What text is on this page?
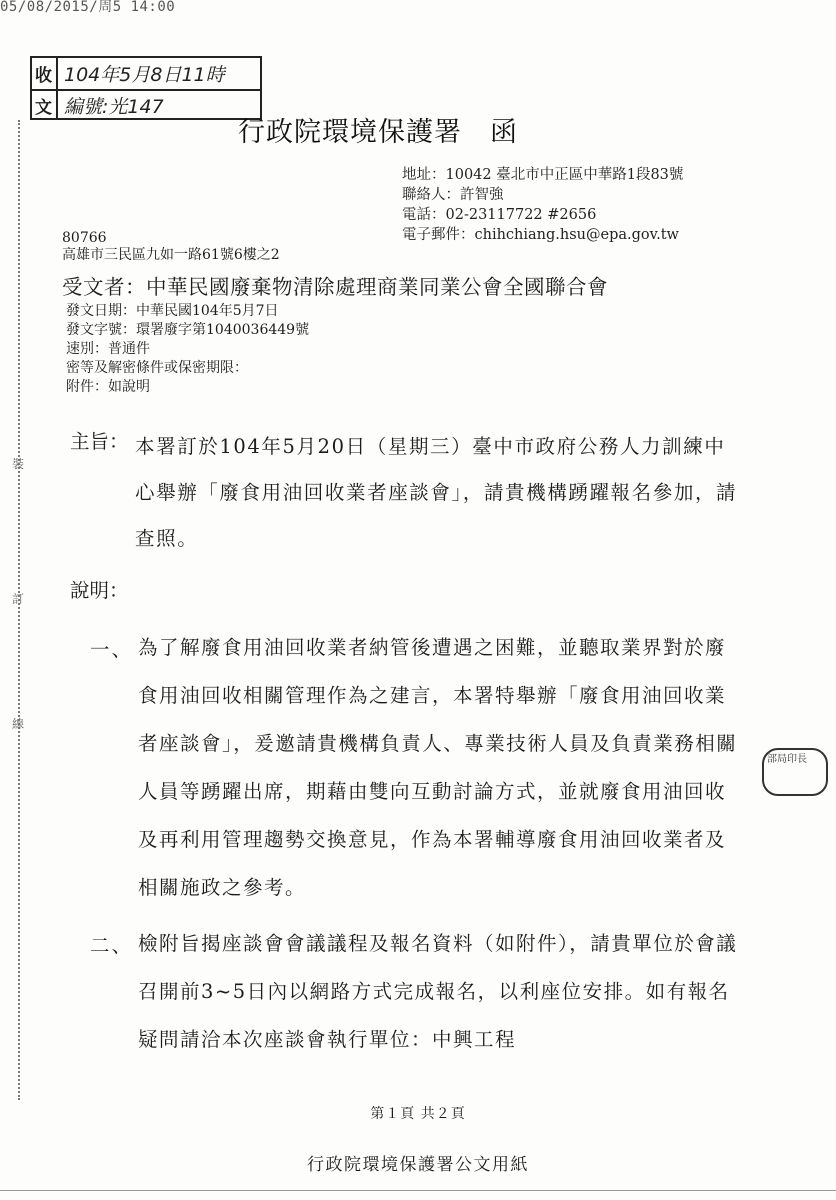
05/08/2015/周5 14:00
收 104年5月8日11時
文 編號:光147
裝
訂
線
行政院環境保護署 函
地址：10042 臺北市中正區中華路1段83號
聯絡人：許智強
電話：02-23117722 #2656
電子郵件：chihchiang.hsu@epa.gov.tw
80766
高雄市三民區九如一路61號6樓之2
受文者：中華民國廢棄物清除處理商業同業公會全國聯合會
發文日期：中華民國104年5月7日
發文字號：環署廢字第1040036449號
速別：普通件
密等及解密條件或保密期限：
附件：如說明
主旨： 本署訂於104年5月20日（星期三）臺中市政府公務人力訓練中心舉辦「廢食用油回收業者座談會」，請貴機構踴躍報名參加，請查照。
說明：
一、 為了解廢食用油回收業者納管後遭遇之困難，並聽取業界對於廢食用油回收相關管理作為之建言，本署特舉辦「廢食用油回收業者座談會」，爰邀請貴機構負責人、專業技術人員及負責業務相關人員等踴躍出席，期藉由雙向互動討論方式，並就廢食用油回收及再利用管理趨勢交換意見，作為本署輔導廢食用油回收業者及相關施政之參考。
二、 檢附旨揭座談會會議議程及報名資料（如附件），請貴單位於會議召開前3~5日內以網路方式完成報名，以利座位安排。如有報名疑問請洽本次座談會執行單位：中興工程
部局印長
第１頁 共２頁
行政院環境保護署公文用紙
